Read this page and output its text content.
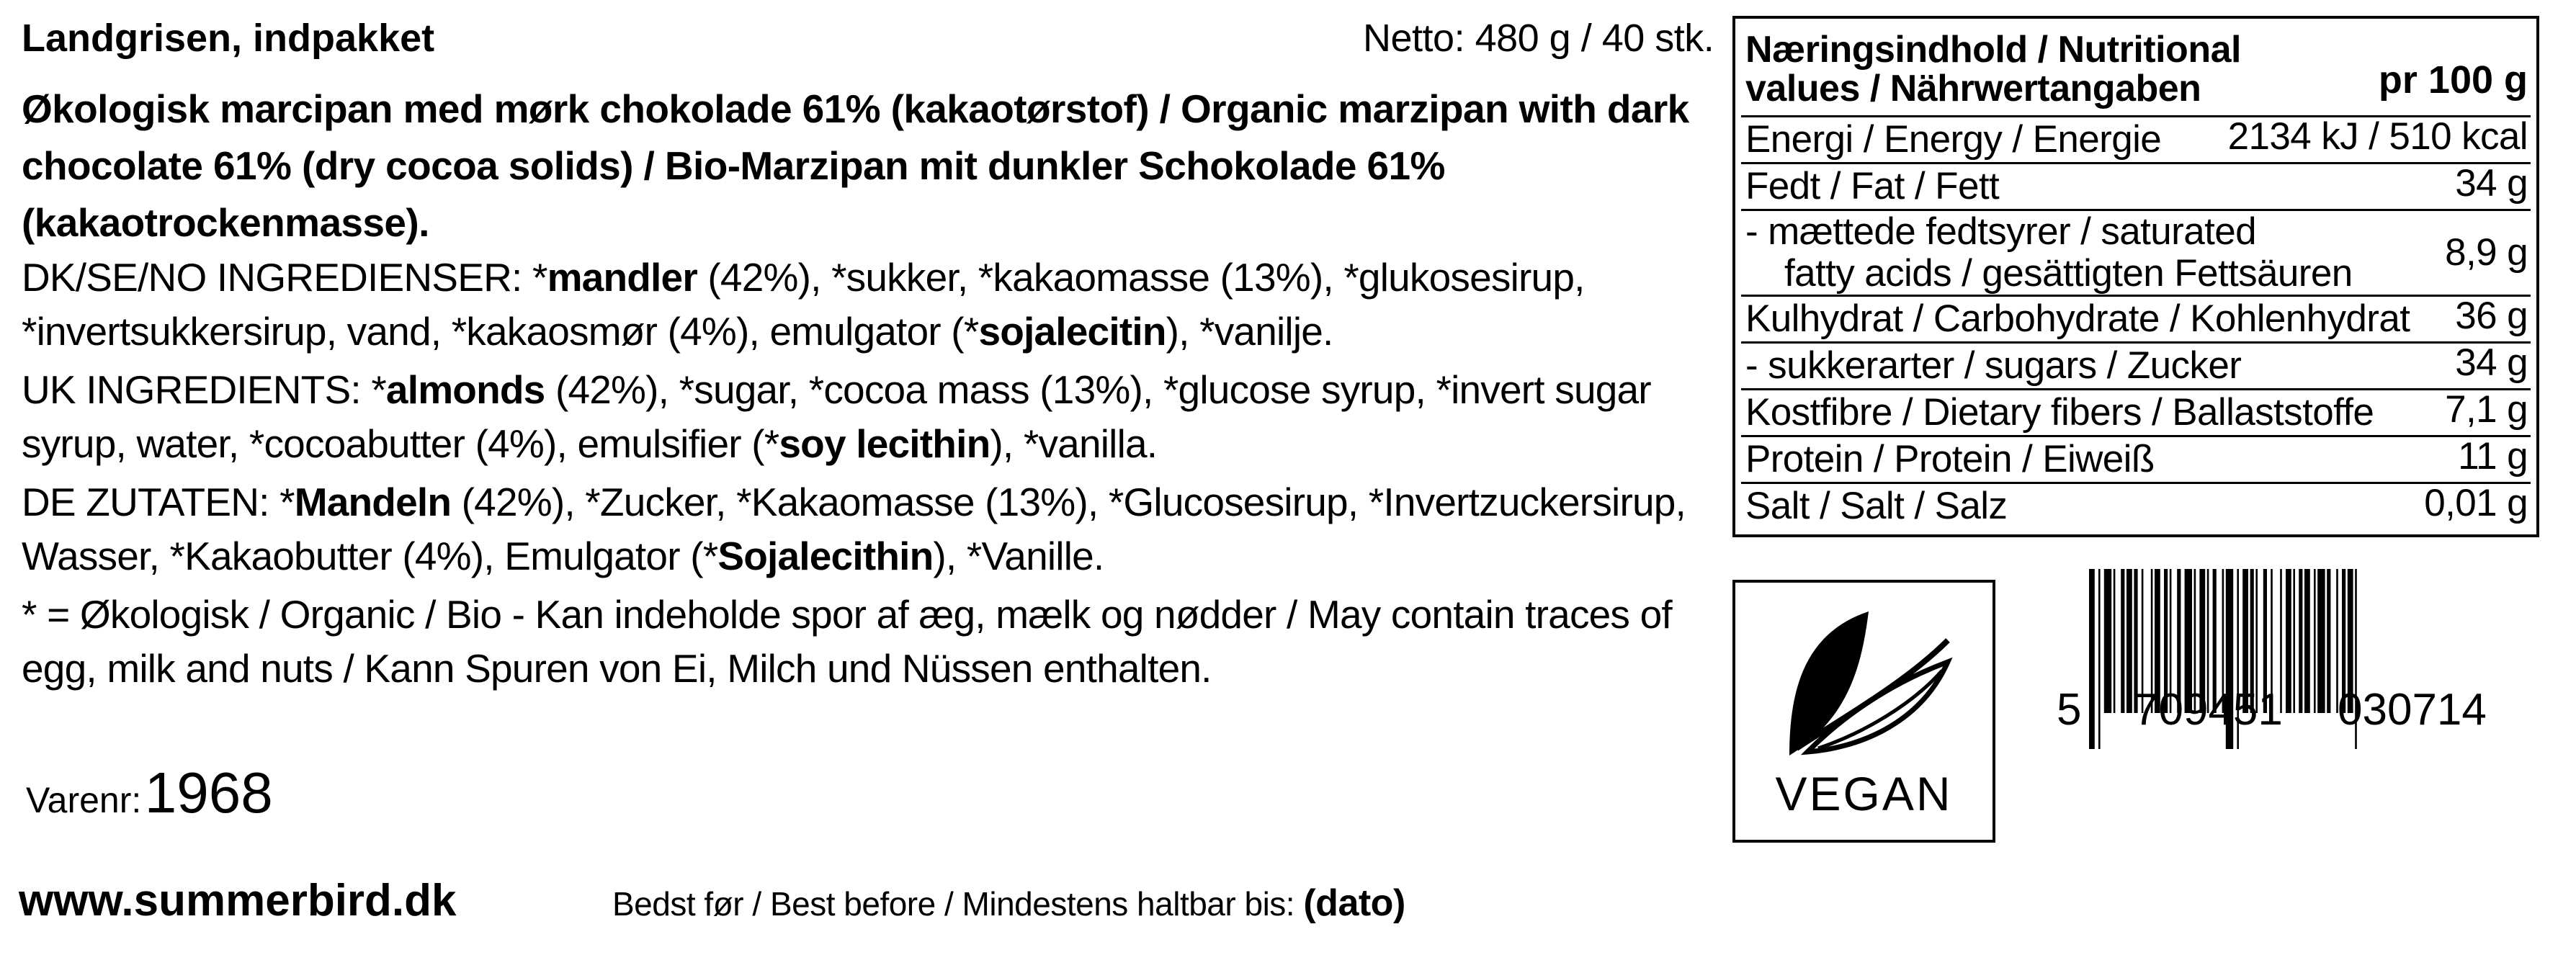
Landgrisen, indpakket	Netto: 480 g / 40 stk.
Økologisk marcipan med mørk chokolade 61% (kakaotørstof) / Organic marzipan with dark chocolate 61% (dry cocoa solids) / Bio-Marzipan mit dunkler Schokolade 61% (kakaotrockenmasse).
DK/SE/NO INGREDIENSER: *mandler (42%), *sukker, *kakaomasse (13%), *glukosesirup, *invertsukkersirup, vand, *kakaosmør (4%), emulgator (*sojalecitin), *vanilje.
UK INGREDIENTS: *almonds (42%), *sugar, *cocoa mass (13%), *glucose syrup, *invert sugar syrup, water, *cocoabutter (4%), emulsifier (*soy lecithin), *vanilla.
DE ZUTATEN: *Mandeln (42%), *Zucker, *Kakaomasse (13%), *Glucosesirup, *Invertzuckersirup, Wasser, *Kakaobutter (4%), Emulgator (*Sojalecithin), *Vanille.
* = Økologisk / Organic / Bio - Kan indeholde spor af æg, mælk og nødder / May contain traces of egg, milk and nuts / Kann Spuren von Ei, Milch und Nüssen enthalten.
Varenr: 1968
www.summerbird.dk	Bedst før / Best before / Mindestens haltbar bis: (dato)
Næringsindhold / Nutritional values / Nährwertangaben	pr 100 g
Energi / Energy / Energie	2134 kJ / 510 kcal
Fedt / Fat / Fett	34 g
- mættede fedtsyrer / saturated
fatty acids / gesättigten Fettsäuren	8,9 g
Kulhydrat / Carbohydrate / Kohlenhydrat	36 g
- sukkerarter / sugars / Zucker	34 g
Kostfibre / Dietary fibers / Ballaststoffe	7,1 g
Protein / Protein / Eiweiß	11 g
Salt / Salt / Salz	0,01 g
VEGAN
5 709451 030714
